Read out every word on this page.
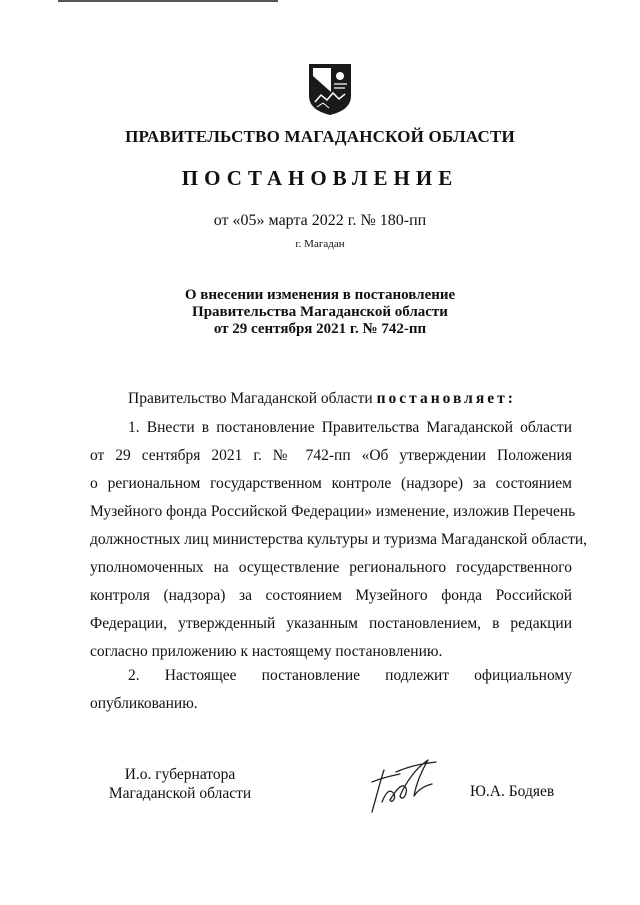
ПРАВИТЕЛЬСТВО МАГАДАНСКОЙ ОБЛАСТИ
ПОСТАНОВЛЕНИЕ
от «05» марта 2022 г. № 180-пп
г. Магадан
О внесении изменения в постановление
Правительства Магаданской области
от 29 сентября 2021 г. № 742-пп
Правительство Магаданской области постановляет:
1. Внести в постановление Правительства Магаданской области
от 29 сентября 2021 г. № 742-пп «Об утверждении Положения
о региональном государственном контроле (надзоре) за состоянием
Музейного фонда Российской Федерации» изменение, изложив Перечень
должностных лиц министерства культуры и туризма Магаданской области,
уполномоченных на осуществление регионального государственного
контроля (надзора) за состоянием Музейного фонда Российской
Федерации, утвержденный указанным постановлением, в редакции
согласно приложению к настоящему постановлению.
2. Настоящее постановление подлежит официальному
опубликованию.
И.о. губернатора
Магаданской области	Ю.А. Бодяев
